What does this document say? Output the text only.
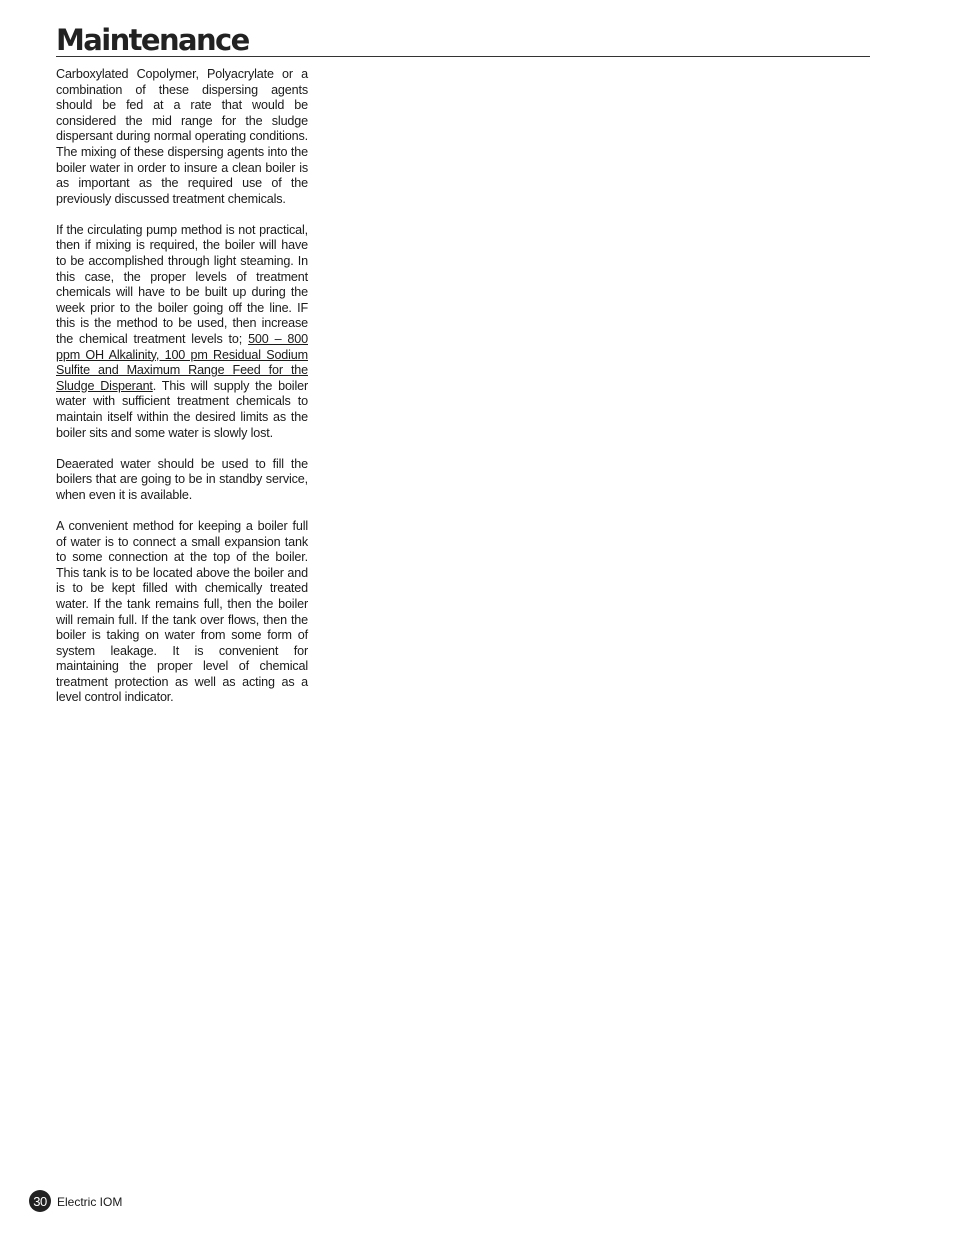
Maintenance

Carboxylated Copolymer, Polyacrylate or a combination of these dispersing agents should be fed at a rate that would be considered the mid range for the sludge dispersant during normal operating conditions. The mixing of these dispersing agents into the boiler water in order to insure a clean boiler is as important as the required use of the previously discussed treatment chemicals.

If the circulating pump method is not practical, then if mixing is required, the boiler will have to be accomplished through light steaming. In this case, the proper levels of treatment chemicals will have to be built up during the week prior to the boiler going off the line. IF this is the method to be used, then increase the chemical treatment levels to; 500 – 800 ppm OH Alkalinity, 100 pm Residual Sodium Sulfite and Maximum Range Feed for the Sludge Disperant. This will supply the boiler water with sufficient treatment chemicals to maintain itself within the desired limits as the boiler sits and some water is slowly lost.

Deaerated water should be used to fill the boilers that are going to be in standby service, when even it is available.

A convenient method for keeping a boiler full of water is to connect a small expansion tank to some connection at the top of the boiler. This tank is to be located above the boiler and is to be kept filled with chemically treated water. If the tank remains full, then the boiler will remain full. If the tank over flows, then the boiler is taking on water from some form of system leakage. It is convenient for maintaining the proper level of chemical treatment protection as well as acting as a level control indicator.

30 Electric IOM
